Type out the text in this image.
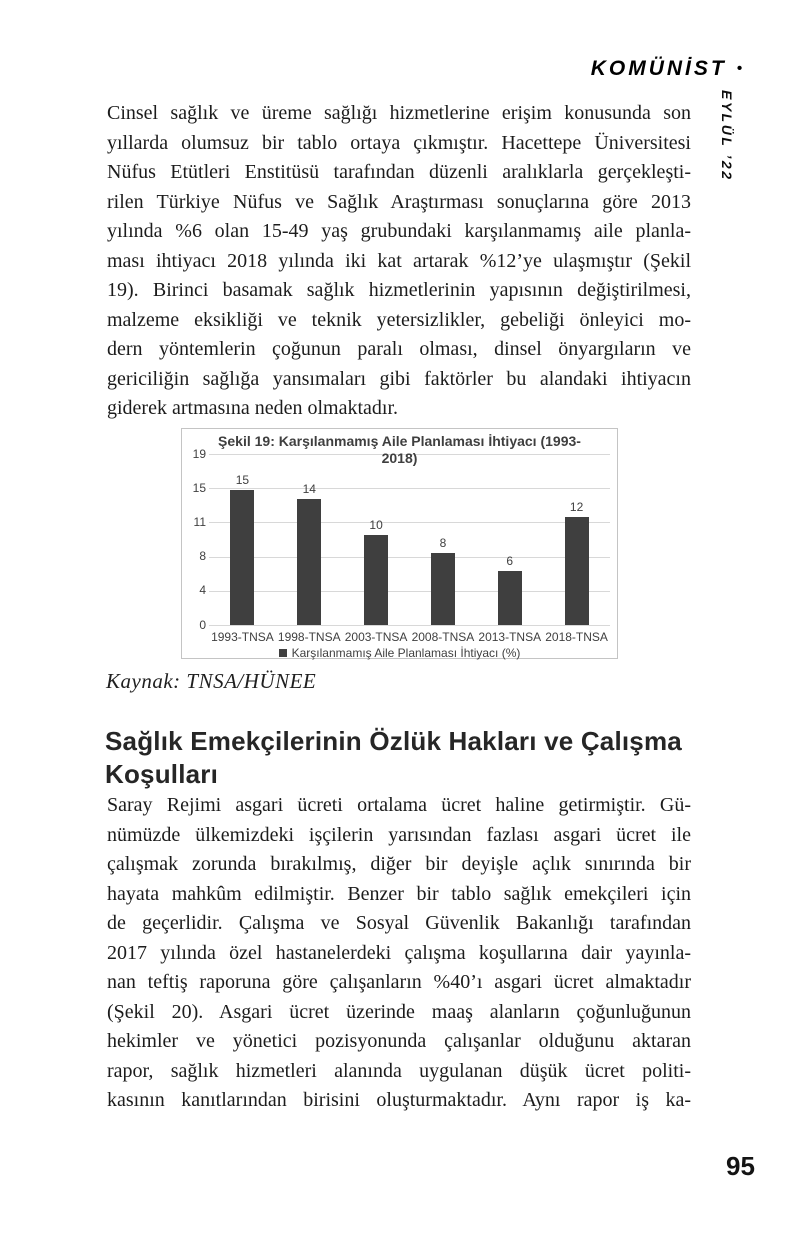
KOMÜNİST •
EYLÜL ’22
Cinsel sağlık ve üreme sağlığı hizmetlerine erişim konusunda son
yıllarda olumsuz bir tablo ortaya çıkmıştır. Hacettepe Üniversitesi
Nüfus Etütleri Enstitüsü tarafından düzenli aralıklarla gerçekleşti-
rilen Türkiye Nüfus ve Sağlık Araştırması sonuçlarına göre 2013
yılında %6 olan 15-49 yaş grubundaki karşılanmamış aile planla-
ması ihtiyacı 2018 yılında iki kat artarak %12’ye ulaşmıştır (Şekil
19). Birinci basamak sağlık hizmetlerinin yapısının değiştirilmesi,
malzeme eksikliği ve teknik yetersizlikler, gebeliği önleyici mo-
dern yöntemlerin çoğunun paralı olması, dinsel önyargıların ve
gericiliğin sağlığa yansımaları gibi faktörler bu alandaki ihtiyacın
giderek artmasına neden olmaktadır.
Şekil 19: Karşılanmamış Aile Planlaması İhtiyacı (1993-
2018)
Karşılanmamış Aile Planlaması İhtiyacı (%)
19
15
11
8
4
0
15
1993-TNSA
14
1998-TNSA
10
2003-TNSA
8
2008-TNSA
6
2013-TNSA
12
2018-TNSA
Kaynak: TNSA/HÜNEE
Sağlık Emekçilerinin Özlük Hakları ve Çalışma
Koşulları
Saray Rejimi asgari ücreti ortalama ücret haline getirmiştir. Gü-
nümüzde ülkemizdeki işçilerin yarısından fazlası asgari ücret ile
çalışmak zorunda bırakılmış, diğer bir deyişle açlık sınırında bir
hayata mahkûm edilmiştir. Benzer bir tablo sağlık emekçileri için
de geçerlidir. Çalışma ve Sosyal Güvenlik Bakanlığı tarafından
2017 yılında özel hastanelerdeki çalışma koşullarına dair yayınla-
nan teftiş raporuna göre çalışanların %40’ı asgari ücret almaktadır
(Şekil 20). Asgari ücret üzerinde maaş alanların çoğunluğunun
hekimler ve yönetici pozisyonunda çalışanlar olduğunu aktaran
rapor, sağlık hizmetleri alanında uygulanan düşük ücret politi-
kasının kanıtlarından birisini oluşturmaktadır. Aynı rapor iş ka-
95
